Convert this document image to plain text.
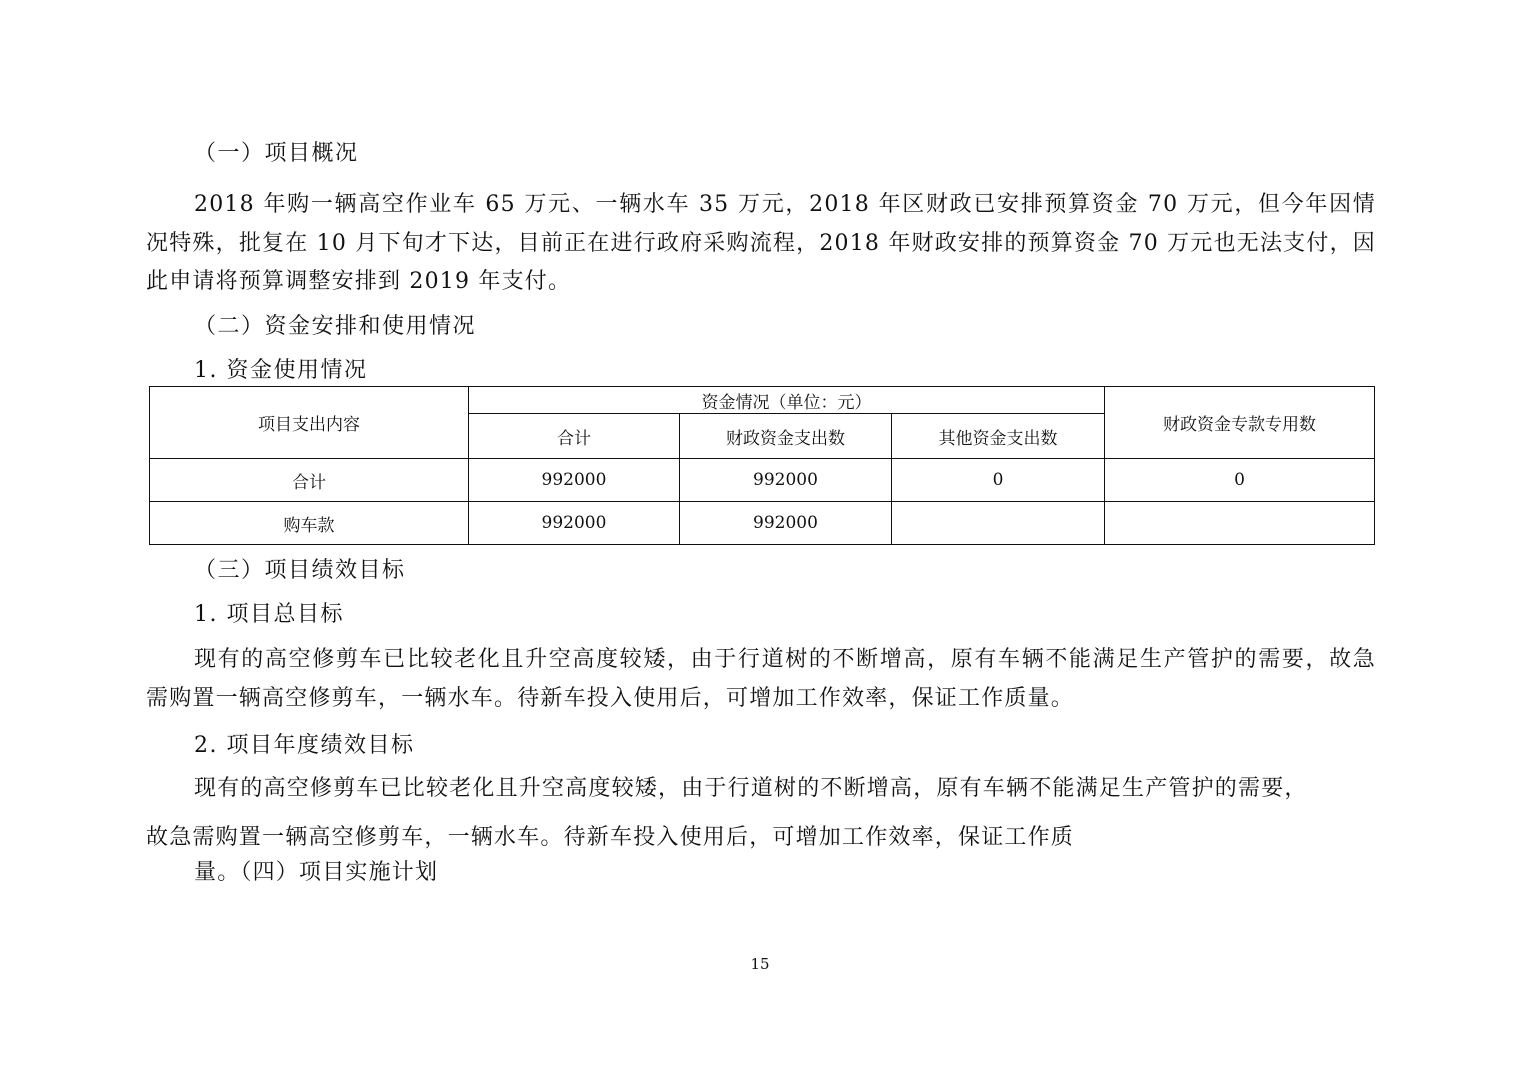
（一）项目概况
2018 年购一辆高空作业车 65 万元、一辆水车 35 万元，2018 年区财政已安排预算资金 70 万元，但今年因情况特殊，批复在 10 月下旬才下达，目前正在进行政府采购流程，2018 年财政安排的预算资金 70 万元也无法支付，因此申请将预算调整安排到 2019 年支付。
（二）资金安排和使用情况
1. 资金使用情况
项目支出内容	资金情况（单位：元）			财政资金专款专用数
	合计	财政资金支出数	其他资金支出数	
合计	992000	992000	0	0
购车款	992000	992000		
（三）项目绩效目标
1. 项目总目标
现有的高空修剪车已比较老化且升空高度较矮，由于行道树的不断增高，原有车辆不能满足生产管护的需要，故急需购置一辆高空修剪车，一辆水车。待新车投入使用后，可增加工作效率，保证工作质量。
2. 项目年度绩效目标
现有的高空修剪车已比较老化且升空高度较矮，由于行道树的不断增高，原有车辆不能满足生产管护的需要，
故急需购置一辆高空修剪车，一辆水车。待新车投入使用后，可增加工作效率，保证工作质
量。（四）项目实施计划
15
